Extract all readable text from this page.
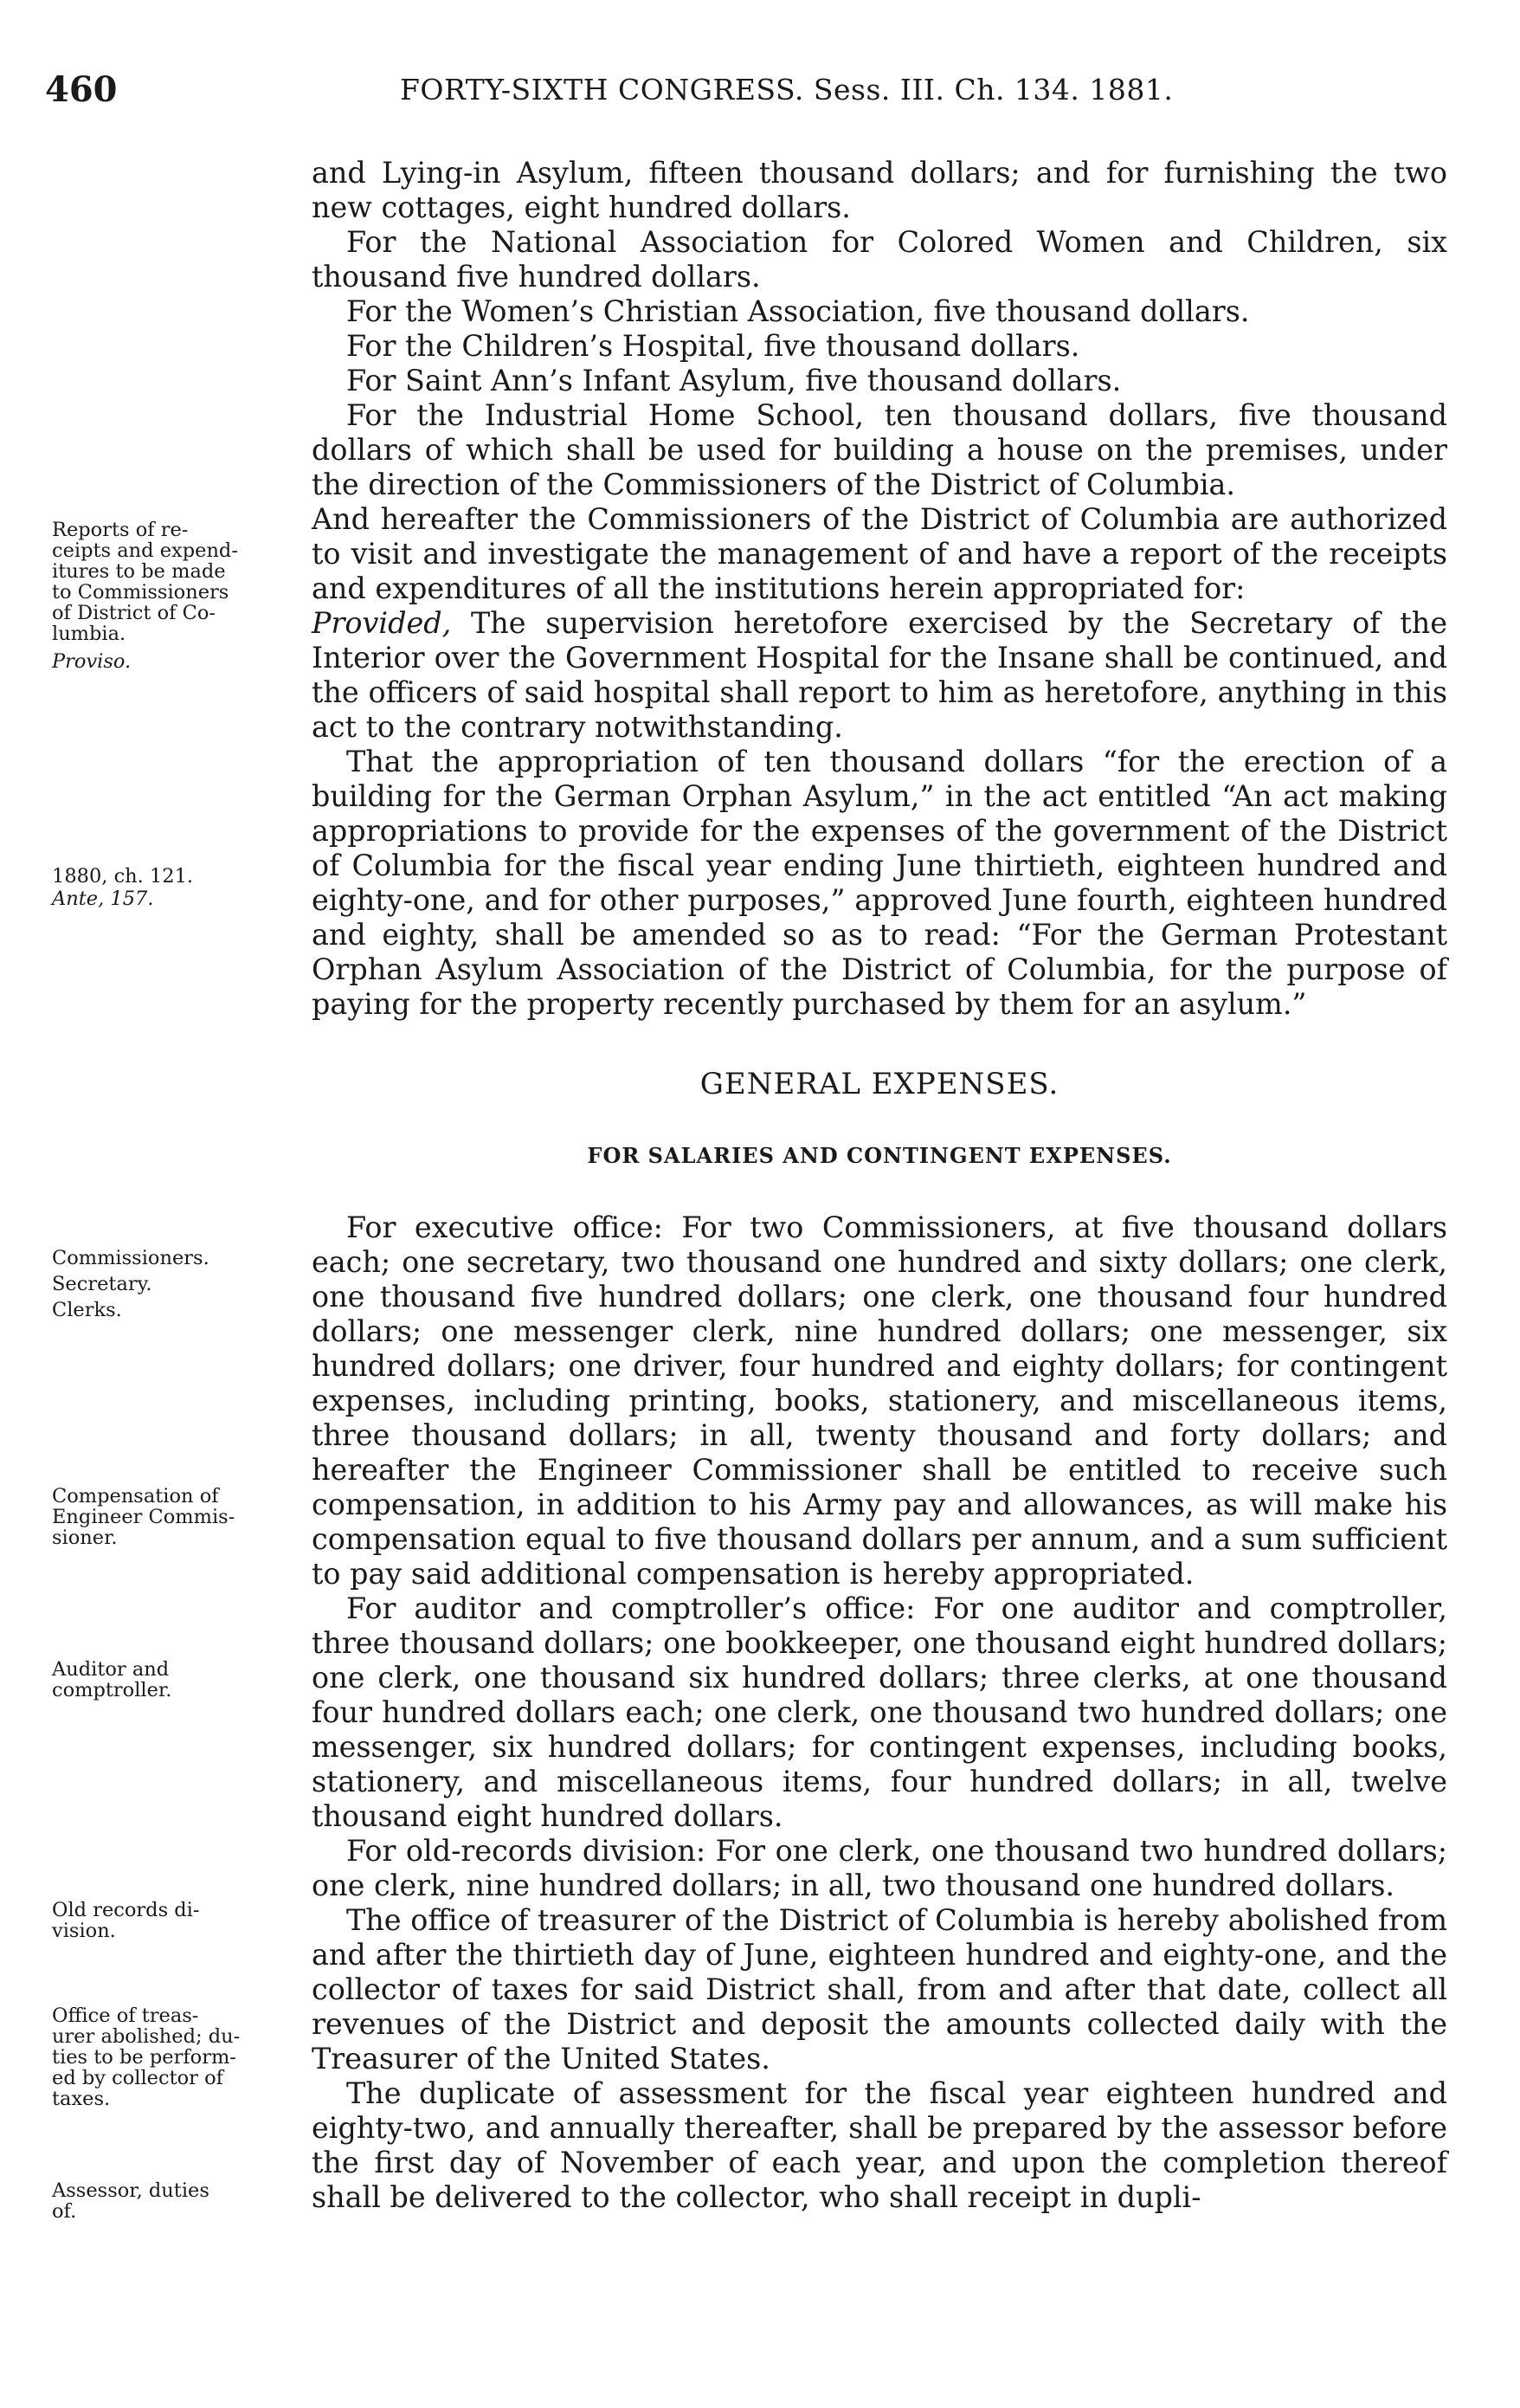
460	FORTY-SIXTH CONGRESS. Sess. III. Ch. 134. 1881.

and Lying-in Asylum, fifteen thousand dollars; and for furnishing the two new cottages, eight hundred dollars.

For the National Association for Colored Women and Children, six thousand five hundred dollars.

For the Women’s Christian Association, five thousand dollars.

For the Children’s Hospital, five thousand dollars.

For Saint Ann’s Infant Asylum, five thousand dollars.

For the Industrial Home School, ten thousand dollars, five thousand dollars of which shall be used for building a house on the premises, under the direction of the Commissioners of the District of Columbia.

And hereafter the Commissioners of the District of Columbia are authorized to visit and investigate the management of and have a report of the receipts and expenditures of all the institutions herein appropriated for:

Provided, The supervision heretofore exercised by the Secretary of the Interior over the Government Hospital for the Insane shall be continued, and the officers of said hospital shall report to him as heretofore, anything in this act to the contrary notwithstanding.

That the appropriation of ten thousand dollars “for the erection of a building for the German Orphan Asylum,” in the act entitled “An act making appropriations to provide for the expenses of the government of the District of Columbia for the fiscal year ending June thirtieth, eighteen hundred and eighty-one, and for other purposes,” approved June fourth, eighteen hundred and eighty, shall be amended so as to read: “For the German Protestant Orphan Asylum Association of the District of Columbia, for the purpose of paying for the property recently purchased by them for an asylum.”

GENERAL EXPENSES.
FOR SALARIES AND CONTINGENT EXPENSES.

For executive office: For two Commissioners, at five thousand dollars each; one secretary, two thousand one hundred and sixty dollars; one clerk, one thousand five hundred dollars; one clerk, one thousand four hundred dollars; one messenger clerk, nine hundred dollars; one messenger, six hundred dollars; one driver, four hundred and eighty dollars; for contingent expenses, including printing, books, stationery, and miscellaneous items, three thousand dollars; in all, twenty thousand and forty dollars; and hereafter the Engineer Commissioner shall be entitled to receive such compensation, in addition to his Army pay and allowances, as will make his compensation equal to five thousand dollars per annum, and a sum sufficient to pay said additional compensation is hereby appropriated.

For auditor and comptroller’s office: For one auditor and comptroller, three thousand dollars; one bookkeeper, one thousand eight hundred dollars; one clerk, one thousand six hundred dollars; three clerks, at one thousand four hundred dollars each; one clerk, one thousand two hundred dollars; one messenger, six hundred dollars; for contingent expenses, including books, stationery, and miscellaneous items, four hundred dollars; in all, twelve thousand eight hundred dollars.

For old-records division: For one clerk, one thousand two hundred dollars; one clerk, nine hundred dollars; in all, two thousand one hundred dollars.

The office of treasurer of the District of Columbia is hereby abolished from and after the thirtieth day of June, eighteen hundred and eighty-one, and the collector of taxes for said District shall, from and after that date, collect all revenues of the District and deposit the amounts collected daily with the Treasurer of the United States.

The duplicate of assessment for the fiscal year eighteen hundred and eighty-two, and annually thereafter, shall be prepared by the assessor before the first day of November of each year, and upon the completion thereof shall be delivered to the collector, who shall receipt in dupli-

Reports of re-
ceipts and expend-
itures to be made
to Commissioners
of District of Co-
lumbia.
Proviso.
1880, ch. 121.
Ante, 157.
Commissioners.
Secretary.
Clerks.
Compensation of
Engineer Commis-
sioner.
Auditor and
comptroller.
Old records di-
vision.
Office of treas-
urer abolished; du-
ties to be perform-
ed by collector of
taxes.
Assessor, duties
of.
